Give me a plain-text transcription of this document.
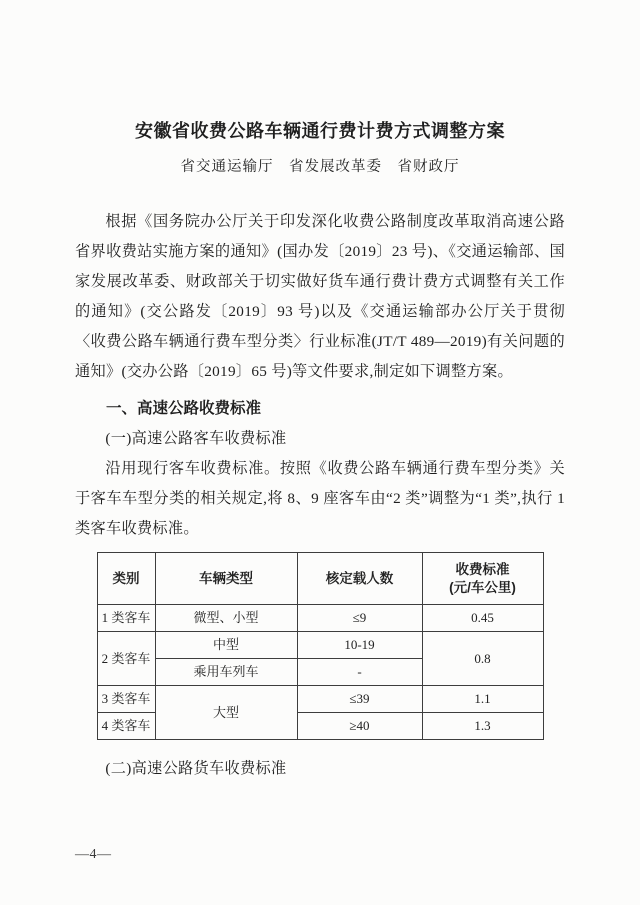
安徽省收费公路车辆通行费计费方式调整方案
省交通运输厅　省发展改革委　省财政厅

根据《国务院办公厅关于印发深化收费公路制度改革取消高速公路省界收费站实施方案的通知》(国办发〔2019〕23 号)、《交通运输部、国家发展改革委、财政部关于切实做好货车通行费计费方式调整有关工作的通知》(交公路发〔2019〕93 号)以及《交通运输部办公厅关于贯彻〈收费公路车辆通行费车型分类〉行业标准(JT/T 489—2019)有关问题的通知》(交办公路〔2019〕65 号)等文件要求,制定如下调整方案。

一、高速公路收费标准
(一)高速公路客车收费标准

沿用现行客车收费标准。按照《收费公路车辆通行费车型分类》关于客车车型分类的相关规定,将 8、9 座客车由“2 类”调整为“1 类”,执行 1 类客车收费标准。

类别	车辆类型	核定载人数	收费标准
(元/车公里)

1 类客车	微型、小型	≤9	0.45
2 类客车	中型	10-19	0.8
	乘用车列车	-	
3 类客车	大型	≤39	1.1
4 类客车		≥40	1.3
(二)高速公路货车收费标准
—4—
